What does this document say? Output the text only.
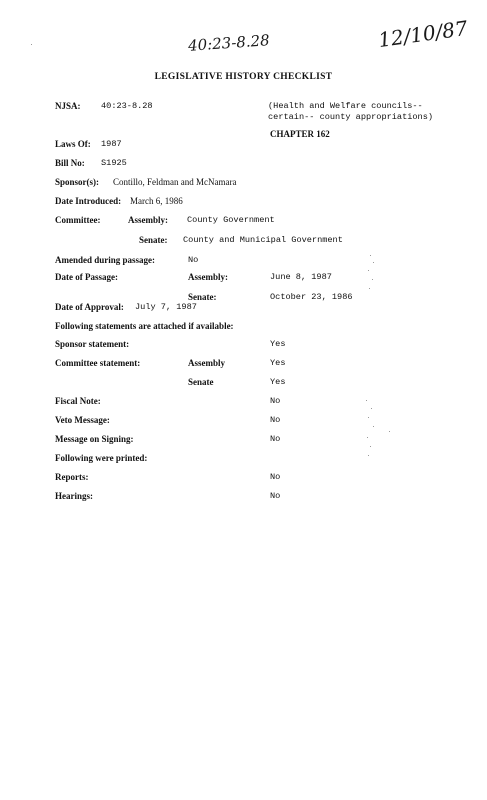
40:23-8.28	12/10/87
LEGISLATIVE HISTORY CHECKLIST
NJSA: 40:23-8.28	(Health and Welfare councils--
certain-- county appropriations)
CHAPTER 162
Laws Of: 1987
Bill No: S1925
Sponsor(s): Contillo, Feldman and McNamara
Date Introduced: March 6, 1986
Committee:	Assembly: County Government
Senate: County and Municipal Government
Amended during passage:	No
Date of Passage:	Assembly:	June 8, 1987
Senate:	October 23, 1986
Date of Approval: July 7, 1987
Following statements are attached if available:
Sponsor statement:	Yes
Committee statement:	Assembly	Yes
Senate	Yes
Fiscal Note:	No
Veto Message:	No
Message on Signing:	No
Following were printed:
Reports:	No
Hearings:	No
